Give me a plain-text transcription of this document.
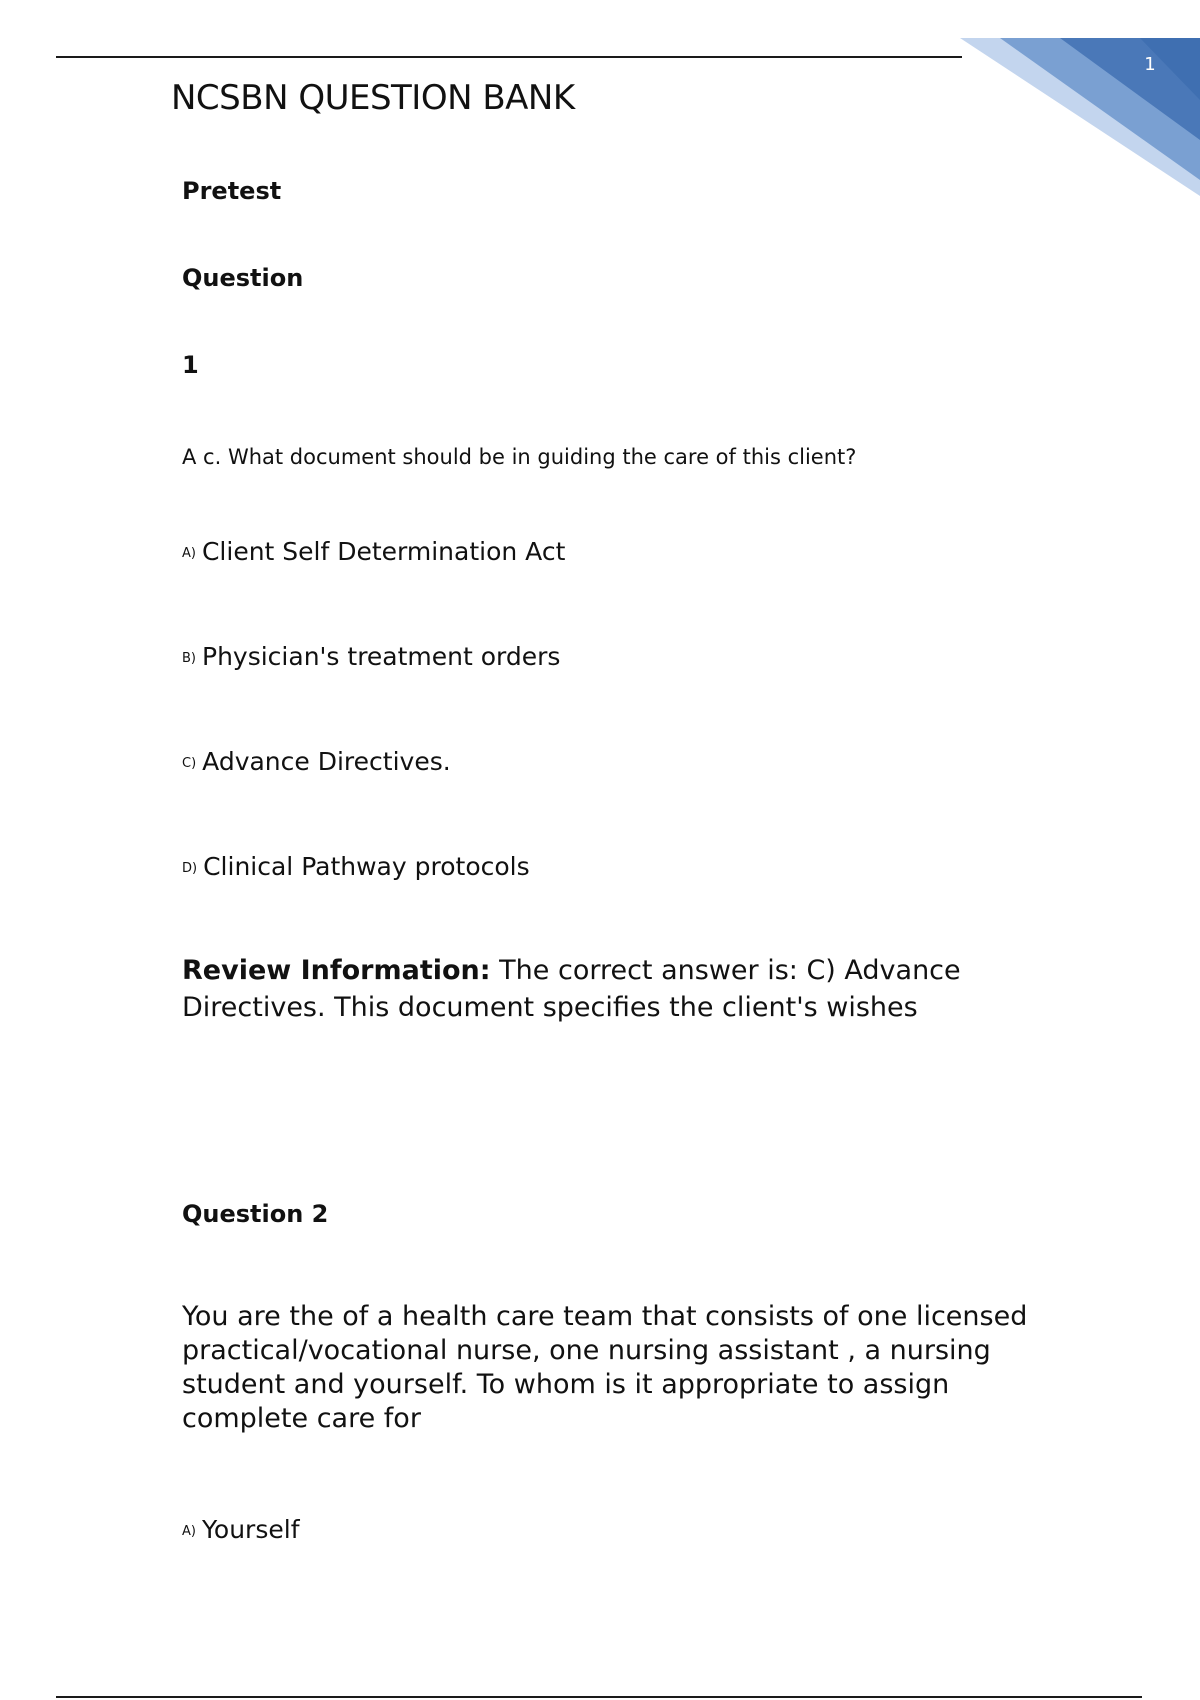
1
NCSBN QUESTION BANK
Pretest
Question
1
A c. What document should be in guiding the care of this client?
A) Client Self Determination Act
B) Physician's treatment orders
C) Advance Directives.
D) Clinical Pathway protocols
Review Information: The correct answer is: C) Advance Directives. This document specifies the client's wishes
Question 2
You are the of a health care team that consists of one licensed practical/vocational nurse, one nursing assistant , a nursing student and yourself. To whom is it appropriate to assign complete care for
A) Yourself
